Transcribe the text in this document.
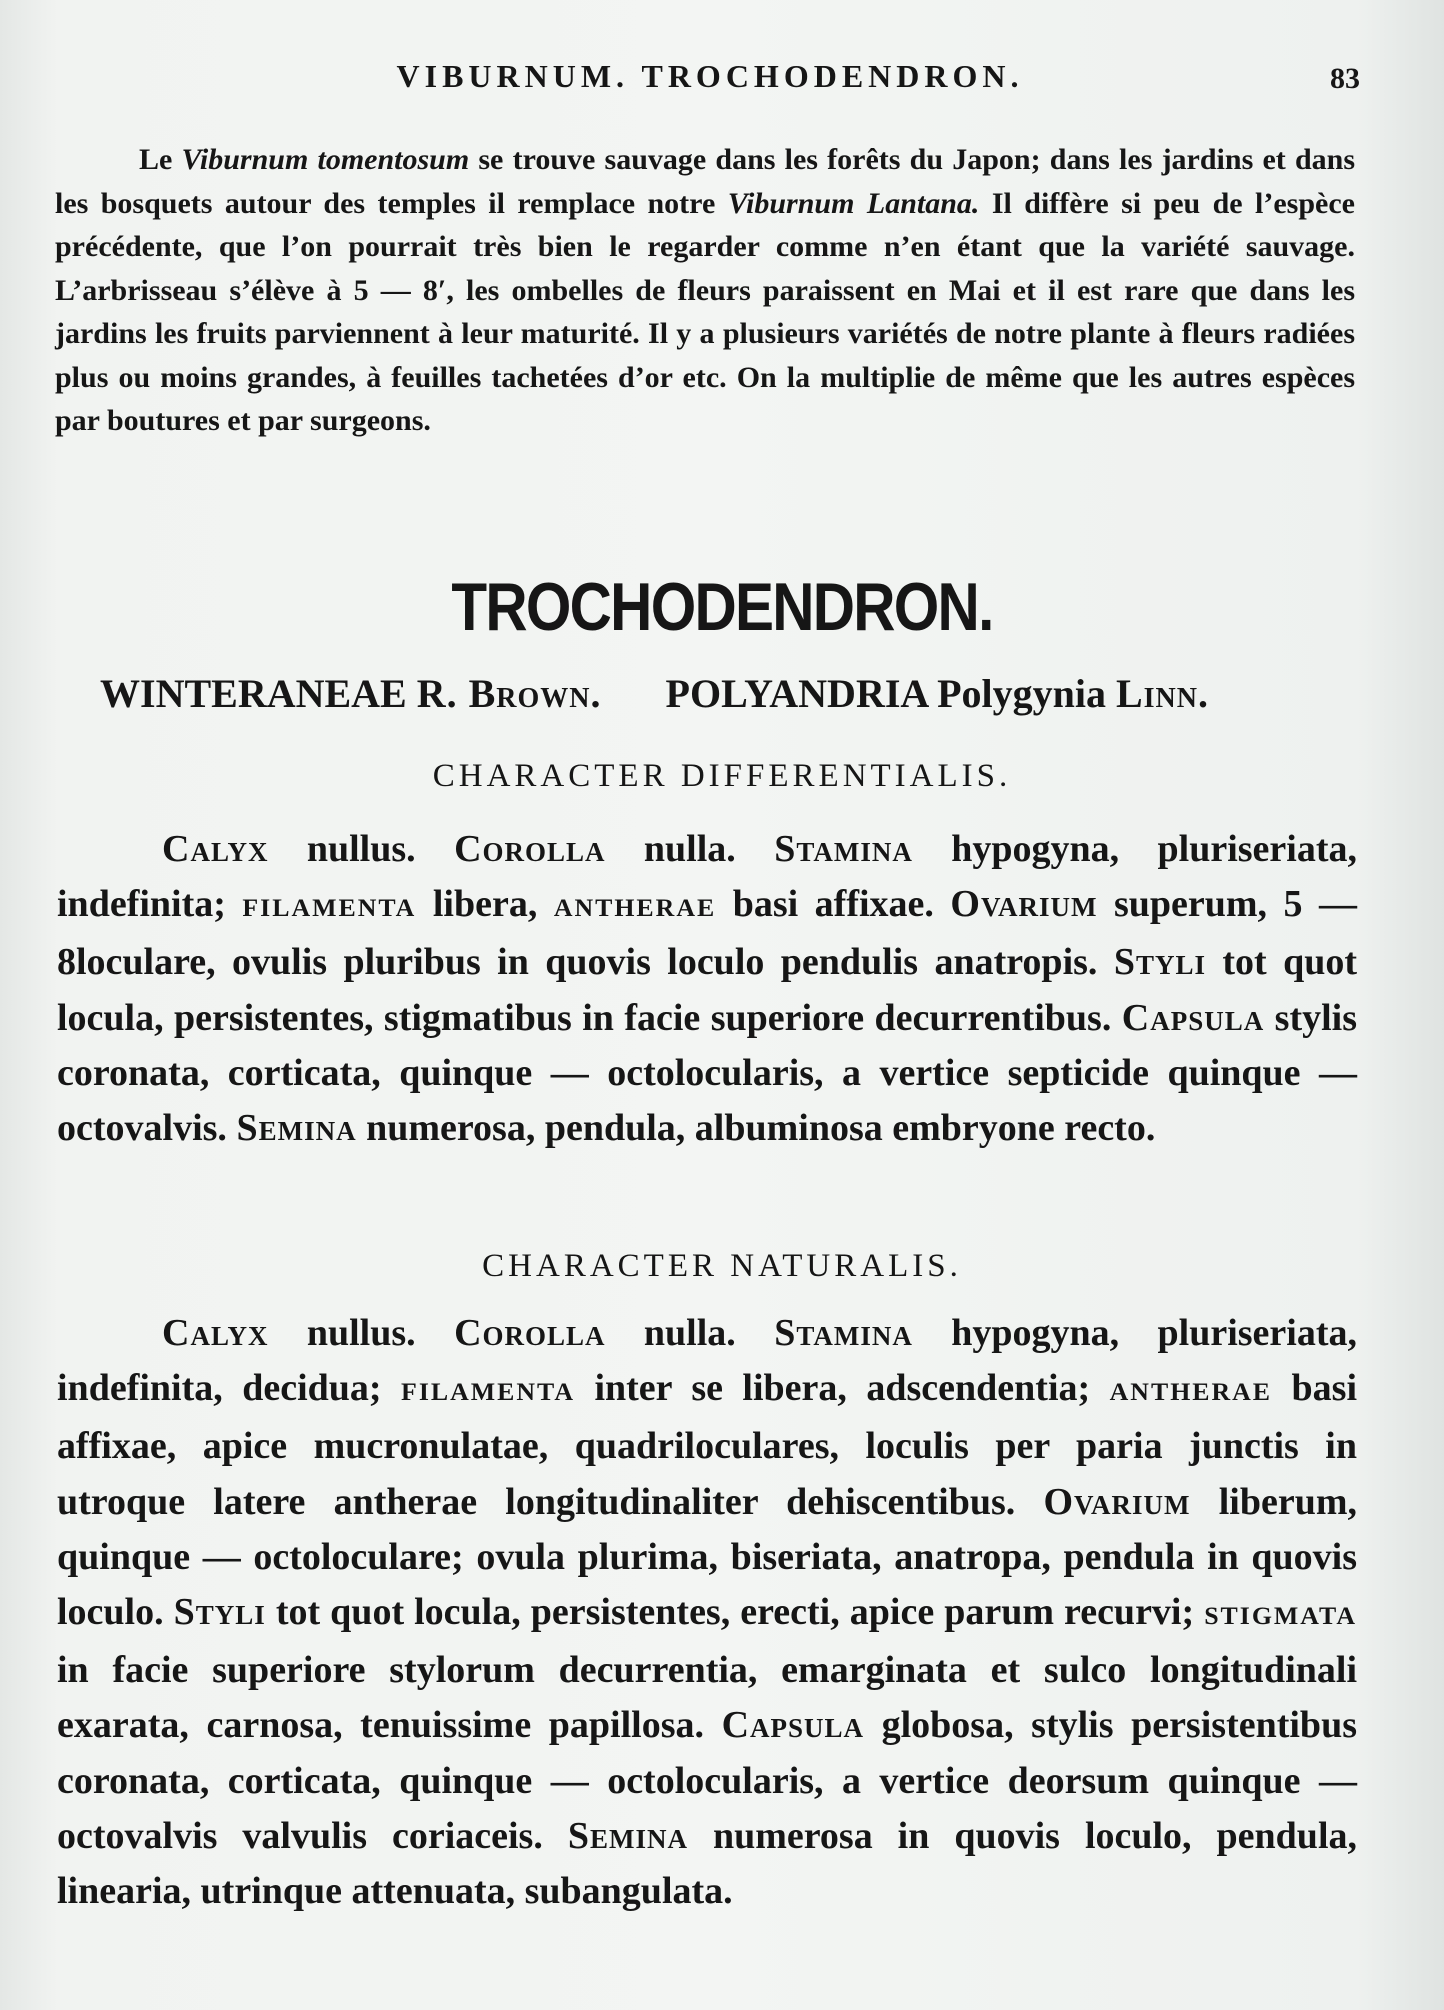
VIBURNUM. TROCHODENDRON.	83

Le Viburnum tomentosum se trouve sauvage dans les forêts du Japon; dans les jardins et dans les bosquets autour des temples il remplace notre Viburnum Lantana. Il diffère si peu de l’espèce précédente, que l’on pourrait très bien le regarder comme n’en étant que la variété sauvage. L’arbrisseau s’élève à 5 — 8′, les ombelles de fleurs paraissent en Mai et il est rare que dans les jardins les fruits parviennent à leur maturité. Il y a plusieurs variétés de notre plante à fleurs radiées plus ou moins grandes, à feuilles tachetées d’or etc. On la multiplie de même que les autres espèces par boutures et par surgeons.

TROCHODENDRON.
WINTERANEAE R. Brown. POLYANDRIA Polygynia Linn.
CHARACTER DIFFERENTIALIS.

Calyx nullus. Corolla nulla. Stamina hypogyna, pluriseriata, indefinita; FILAMENTA libera, ANTHERAE basi affixae. Ovarium superum, 5 — 8loculare, ovulis pluribus in quovis loculo pendulis anatropis. Styli tot quot locula, persistentes, stigmatibus in facie superiore decurrentibus. Capsula stylis coronata, corticata, quinque — octolocularis, a vertice septicide quinque — octovalvis. Semina numerosa, pendula, albuminosa embryone recto.

CHARACTER NATURALIS.

Calyx nullus. Corolla nulla. Stamina hypogyna, pluriseriata, indefinita, decidua; FILAMENTA inter se libera, adscendentia; ANTHERAE basi affixae, apice mucronulatae, quadriloculares, loculis per paria junctis in utroque latere antherae longitudinaliter dehiscentibus. Ovarium liberum, quinque — octoloculare; ovula plurima, biseriata, anatropa, pendula in quovis loculo. Styli tot quot locula, persistentes, erecti, apice parum recurvi; STIGMATA in facie superiore stylorum decurrentia, emarginata et sulco longitudinali exarata, carnosa, tenuissime papillosa. Capsula globosa, stylis persistentibus coronata, corticata, quinque — octolocularis, a vertice deorsum quinque — octovalvis valvulis coriaceis. Semina numerosa in quovis loculo, pendula, linearia, utrinque attenuata, subangulata.
